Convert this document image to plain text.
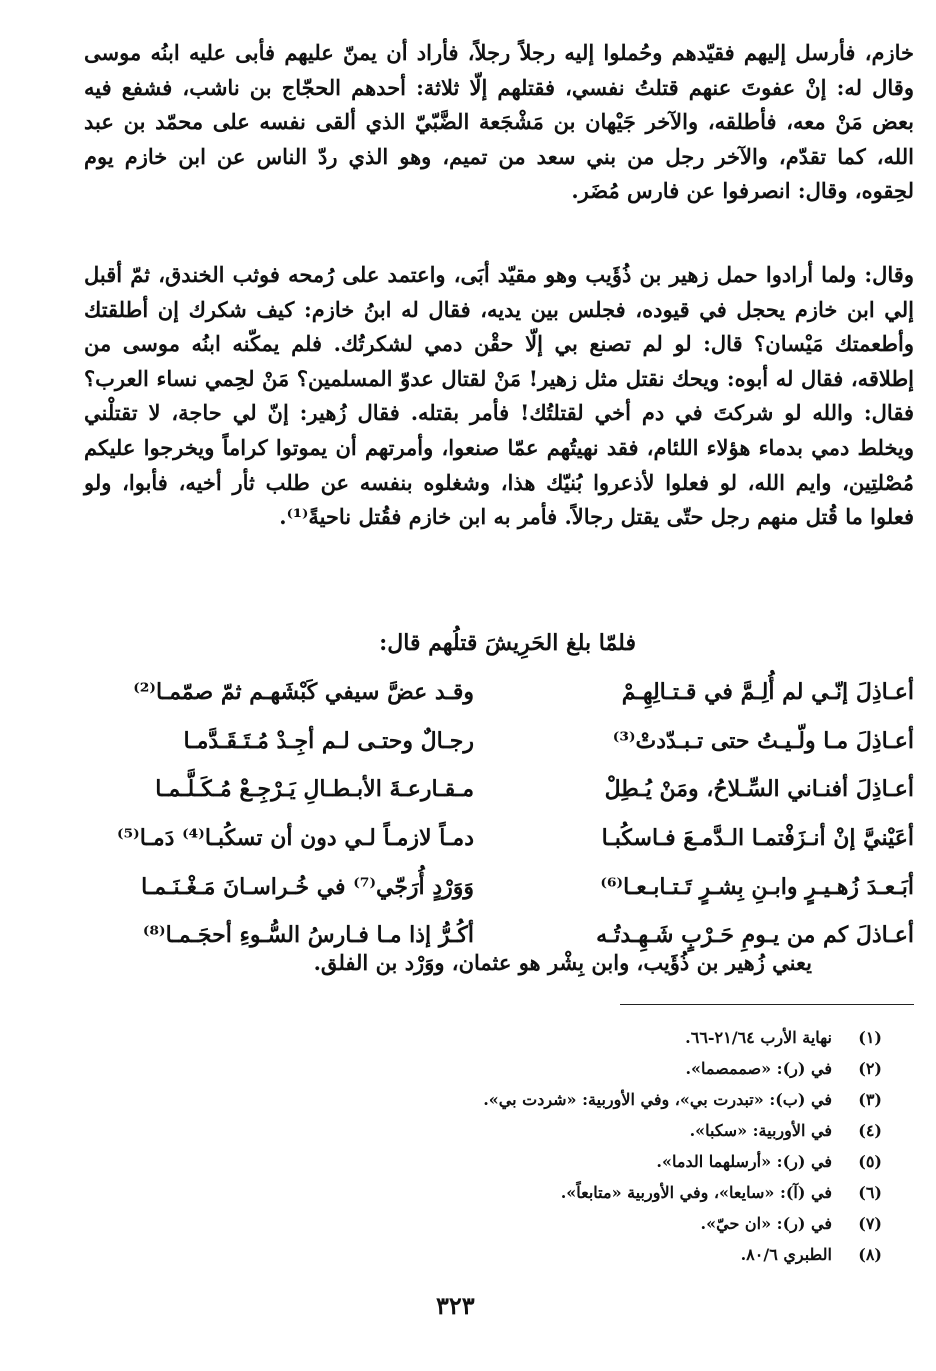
خازم، فأرسل إليهم فقيّدهم وحُملوا إليه رجلاً رجلاً، فأراد أن يمنّ عليهم فأبى عليه ابنُه موسى وقال له: إنْ عفوتَ عنهم قتلتُ نفسي، فقتلهم إلّا ثلاثة: أحدهم الحجّاج بن ناشب، فشفع فيه بعض مَنْ معه، فأطلقه، والآخر جَيْهان بن مَشْجَعة الضَّبّيّ الذي ألقى نفسه على محمّد بن عبد الله، كما تقدّم، والآخر رجل من بني سعد من تميم، وهو الذي ردّ الناس عن ابن خازم يوم لحِقوه، وقال: انصرفوا عن فارس مُضَر.

وقال: ولما أرادوا حمل زهير بن ذُؤَيب وهو مقيّد أبَى، واعتمد على رُمحه فوثب الخندق، ثمّ أقبل إلي ابن خازم يحجل في قيوده، فجلس بين يديه، فقال له ابنُ خازم: كيف شكرك إن أطلقتك وأطعمتك مَيْسان؟ قال: لو لم تصنع بي إلّا حقْن دمي لشكرتُك. فلم يمكّنه ابنُه موسى من إطلاقه، فقال له أبوه: ويحك نقتل مثل زهير! مَنْ لقتال عدوّ المسلمين؟ مَنْ لحِمي نساء العرب؟ فقال: والله لو شركتَ في دم أخي لقتلتُك! فأمر بقتله. فقال زُهير: إنّ لي حاجة، لا تقتلْني ويخلط دمي بدماء هؤلاء اللئام، فقد نهيتُهم عمّا صنعوا، وأمرتهم أن يموتوا كراماً ويخرجوا عليكم مُصْلتِين، وايم الله، لو فعلوا لأذعروا بُنيّك هذا، وشغلوه بنفسه عن طلب ثأر أخيه، فأبوا، ولو فعلوا ما قُتل منهم رجل حتّى يقتل رجالاً. فأمر به ابن خازم فقُتل ناحيةً⁽¹⁾.

فلمّا بلغ الحَرِيشَ قتلُهم قال:
أعـاذِلَ إنّـي لم أُلِـمَّ في قـتـالِهِـمْ
وقـد عضَّ سيفي كَبْشَهـم ثمّ صمّمـا⁽²⁾
أعـاذِلَ مـا ولّـيـتُ حتى تـبـدّدتْ⁽³⁾
رجـالٌ وحتـى لـم أجِـدْ مُـتَـقَـدَّمـا
أعـاذِلَ أفنـاني السِّـلاحُ، ومَنْ يُـطِلْ
مـقـارعـةَ الأبـطـالِ يَـرْجِـعْ مُـكَـلَّـمـا
أعَيْنيَّ إنْ أنـزَفْتمـا الـدَّمـعَ فـاسكُبـا
دمـاً لازمـاً لـي دون أن تسكُبـا⁽⁴⁾ دَمـا⁽⁵⁾
أبَـعـدَ زُهـيـرٍ وابـنِ بِشـرٍ تَـتـابـعـا⁽⁶⁾
وَوَرْدٍ أُرَجّي⁽⁷⁾ في خُـراسـانَ مَـغْـنَـمـا
أعـاذلَ كم من يـومِ حَـرْبٍ شَـهِـدتُـه
أكُـرُّ إذا مـا فـارسُ السُّـوءِ أحجَـمـا⁽⁸⁾
يعني زُهير بن ذُؤَيب، وابن بِشْر هو عثمان، ووَرْد بن الفلق.
(١)
نهاية الأرب ٢١/٦٤-٦٦.
(٢)
في (ر): «صممصما».
(٣)
في (ب): «تبدرت بي»، وفي الأوربية: «شردت بي».
(٤)
في الأوربية: «سكبا».
(٥)
في (ر): «أرسلهما الدما».
(٦)
في (آ): «سايعا»، وفي الأوربية «متابعاً».
(٧)
في (ر): «ان حيّ».
(٨)
الطبري ٨٠/٦.
٣٢٣
